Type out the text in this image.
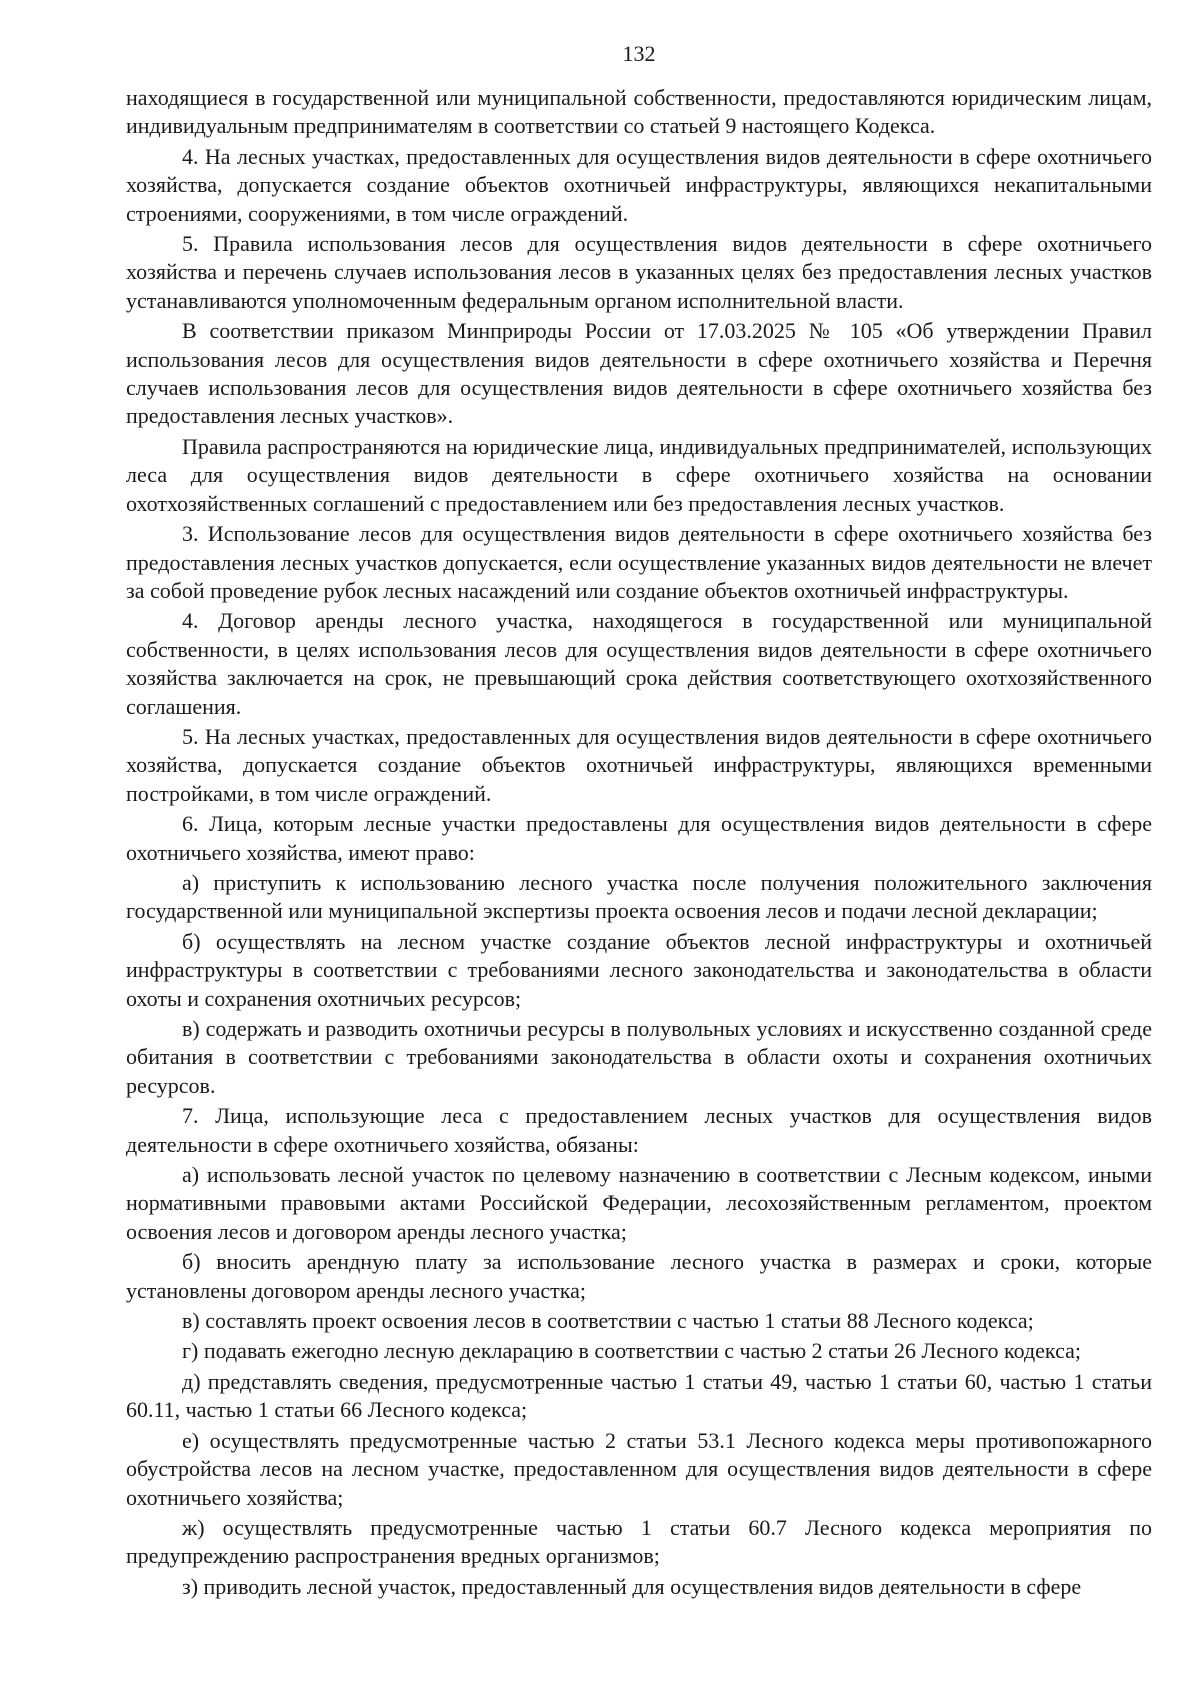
132

находящиеся в государственной или муниципальной собственности, предоставляются юридическим лицам, индивидуальным предпринимателям в соответствии со статьей 9 настоящего Кодекса.

4. На лесных участках, предоставленных для осуществления видов деятельности в сфере охотничьего хозяйства, допускается создание объектов охотничьей инфраструктуры, являющихся некапитальными строениями, сооружениями, в том числе ограждений.

5. Правила использования лесов для осуществления видов деятельности в сфере охотничьего хозяйства и перечень случаев использования лесов в указанных целях без предоставления лесных участков устанавливаются уполномоченным федеральным органом исполнительной власти.

В соответствии приказом Минприроды России от 17.03.2025 № 105 «Об утверждении Правил использования лесов для осуществления видов деятельности в сфере охотничьего хозяйства и Перечня случаев использования лесов для осуществления видов деятельности в сфере охотничьего хозяйства без предоставления лесных участков».

Правила распространяются на юридические лица, индивидуальных предпринимателей, использующих леса для осуществления видов деятельности в сфере охотничьего хозяйства на основании охотхозяйственных соглашений с предоставлением или без предоставления лесных участков.

3. Использование лесов для осуществления видов деятельности в сфере охотничьего хозяйства без предоставления лесных участков допускается, если осуществление указанных видов деятельности не влечет за собой проведение рубок лесных насаждений или создание объектов охотничьей инфраструктуры.

4. Договор аренды лесного участка, находящегося в государственной или муниципальной собственности, в целях использования лесов для осуществления видов деятельности в сфере охотничьего хозяйства заключается на срок, не превышающий срока действия соответствующего охотхозяйственного соглашения.

5. На лесных участках, предоставленных для осуществления видов деятельности в сфере охотничьего хозяйства, допускается создание объектов охотничьей инфраструктуры, являющихся временными постройками, в том числе ограждений.

6. Лица, которым лесные участки предоставлены для осуществления видов деятельности в сфере охотничьего хозяйства, имеют право:

а) приступить к использованию лесного участка после получения положительного заключения государственной или муниципальной экспертизы проекта освоения лесов и подачи лесной декларации;

б) осуществлять на лесном участке создание объектов лесной инфраструктуры и охотничьей инфраструктуры в соответствии с требованиями лесного законодательства и законодательства в области охоты и сохранения охотничьих ресурсов;

в) содержать и разводить охотничьи ресурсы в полувольных условиях и искусственно созданной среде обитания в соответствии с требованиями законодательства в области охоты и сохранения охотничьих ресурсов.

7. Лица, использующие леса с предоставлением лесных участков для осуществления видов деятельности в сфере охотничьего хозяйства, обязаны:

а) использовать лесной участок по целевому назначению в соответствии с Лесным кодексом, иными нормативными правовыми актами Российской Федерации, лесохозяйственным регламентом, проектом освоения лесов и договором аренды лесного участка;

б) вносить арендную плату за использование лесного участка в размерах и сроки, которые установлены договором аренды лесного участка;

в) составлять проект освоения лесов в соответствии с частью 1 статьи 88 Лесного кодекса;

г) подавать ежегодно лесную декларацию в соответствии с частью 2 статьи 26 Лесного кодекса;

д) представлять сведения, предусмотренные частью 1 статьи 49, частью 1 статьи 60, частью 1 статьи 60.11, частью 1 статьи 66 Лесного кодекса;

е) осуществлять предусмотренные частью 2 статьи 53.1 Лесного кодекса меры противопожарного обустройства лесов на лесном участке, предоставленном для осуществления видов деятельности в сфере охотничьего хозяйства;

ж) осуществлять предусмотренные частью 1 статьи 60.7 Лесного кодекса мероприятия по предупреждению распространения вредных организмов;

з) приводить лесной участок, предоставленный для осуществления видов деятельности в сфере
